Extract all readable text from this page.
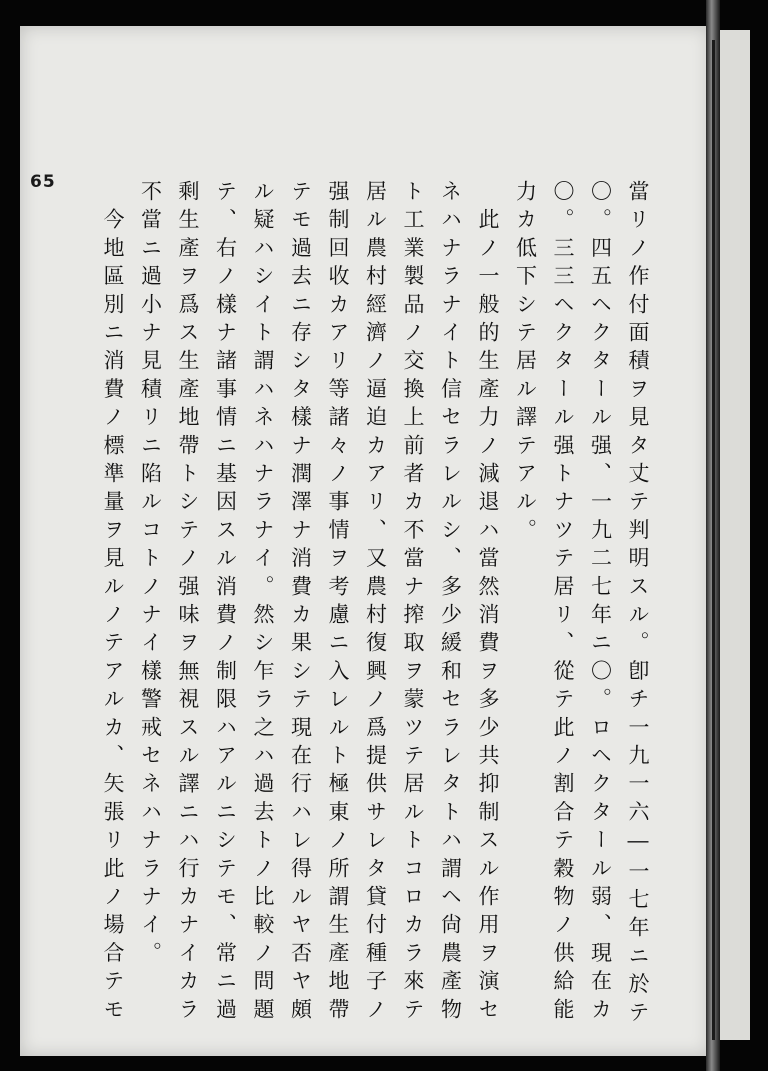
65	當リノ作付面積ヲ見タ丈テ判明スル。卽チ一九一六―一七年ニ於テ
〇。四五ヘクタール强、一九二七年ニ〇。ロヘクタール弱、現在カ
〇。三三ヘクタール强トナツテ居リ、從テ此ノ割合テ穀物ノ供給能
力カ低下シテ居ル譯テアル。
　此ノ一般的生產力ノ減退ハ當然消費ヲ多少共抑制スル作用ヲ演セ
ネハナラナイト信セラレルシ、多少緩和セラレタトハ謂ヘ尙農產物
ト工業製品ノ交換上前者カ不當ナ搾取ヲ蒙ツテ居ルトコロカラ來テ
居ル農村經濟ノ逼迫カアリ、又農村復興ノ爲提供サレタ貸付種子ノ
强制回收カアリ等諸々ノ事情ヲ考慮ニ入レルト極東ノ所謂生產地帶
テモ過去ニ存シタ樣ナ潤澤ナ消費カ果シテ現在行ハレ得ルヤ否ヤ頗
ル疑ハシイト謂ハネハナラナイ。然シ乍ラ之ハ過去トノ比較ノ問題
テ、右ノ樣ナ諸事情ニ基因スル消費ノ制限ハアルニシテモ、常ニ過
剩生產ヲ爲ス生產地帶トシテノ强味ヲ無視スル譯ニハ行カナイカラ
不當ニ過小ナ見積リニ陷ルコトノナイ樣警戒セネハナラナイ。
　今地區別ニ消費ノ標準量ヲ見ルノテアルカ、矢張リ此ノ場合テモ
